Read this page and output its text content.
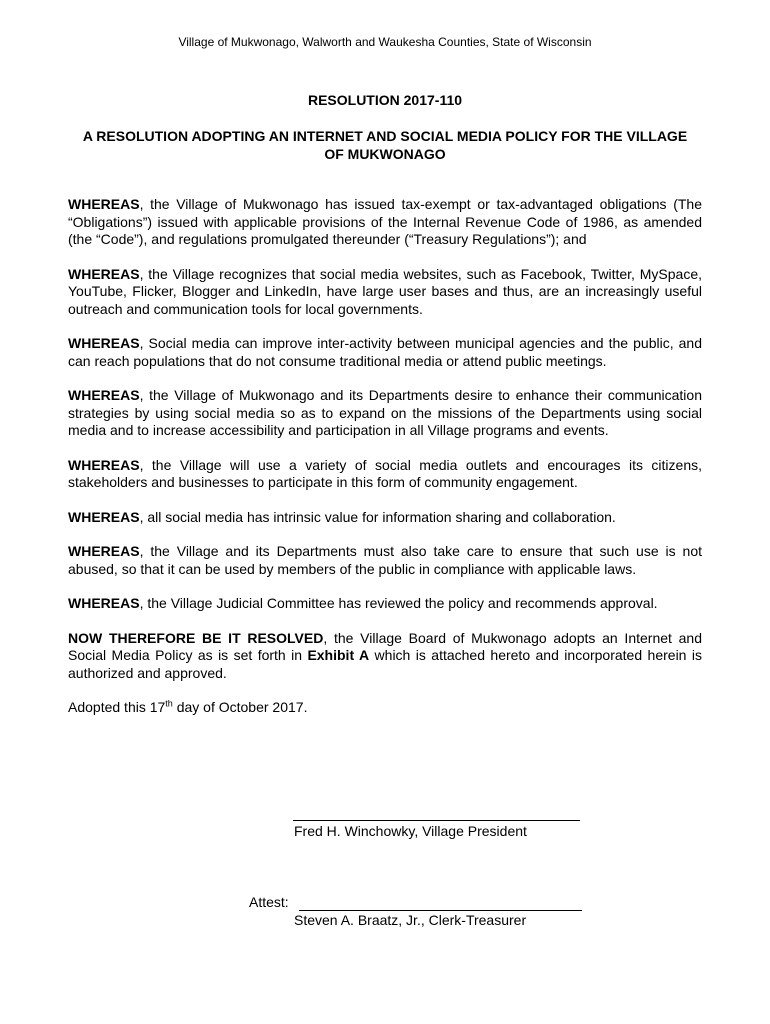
Village of Mukwonago, Walworth and Waukesha Counties, State of Wisconsin
RESOLUTION 2017-110
A RESOLUTION ADOPTING AN INTERNET AND SOCIAL MEDIA POLICY FOR THE VILLAGE OF MUKWONAGO

WHEREAS, the Village of Mukwonago has issued tax-exempt or tax-advantaged obligations (The “Obligations”) issued with applicable provisions of the Internal Revenue Code of 1986, as amended (the “Code”), and regulations promulgated thereunder (“Treasury Regulations”); and

WHEREAS, the Village recognizes that social media websites, such as Facebook, Twitter, MySpace, YouTube, Flicker, Blogger and LinkedIn, have large user bases and thus, are an increasingly useful outreach and communication tools for local governments.

WHEREAS, Social media can improve inter-activity between municipal agencies and the public, and can reach populations that do not consume traditional media or attend public meetings.

WHEREAS, the Village of Mukwonago and its Departments desire to enhance their communication strategies by using social media so as to expand on the missions of the Departments using social media and to increase accessibility and participation in all Village programs and events.

WHEREAS, the Village will use a variety of social media outlets and encourages its citizens, stakeholders and businesses to participate in this form of community engagement.

WHEREAS, all social media has intrinsic value for information sharing and collaboration.

WHEREAS, the Village and its Departments must also take care to ensure that such use is not abused, so that it can be used by members of the public in compliance with applicable laws.

WHEREAS, the Village Judicial Committee has reviewed the policy and recommends approval.

NOW THEREFORE BE IT RESOLVED, the Village Board of Mukwonago adopts an Internet and Social Media Policy as is set forth in Exhibit A which is attached hereto and incorporated herein is authorized and approved.

Adopted this 17th day of October 2017.

Fred H. Winchowky, Village President
Attest:
Steven A. Braatz, Jr., Clerk-Treasurer
